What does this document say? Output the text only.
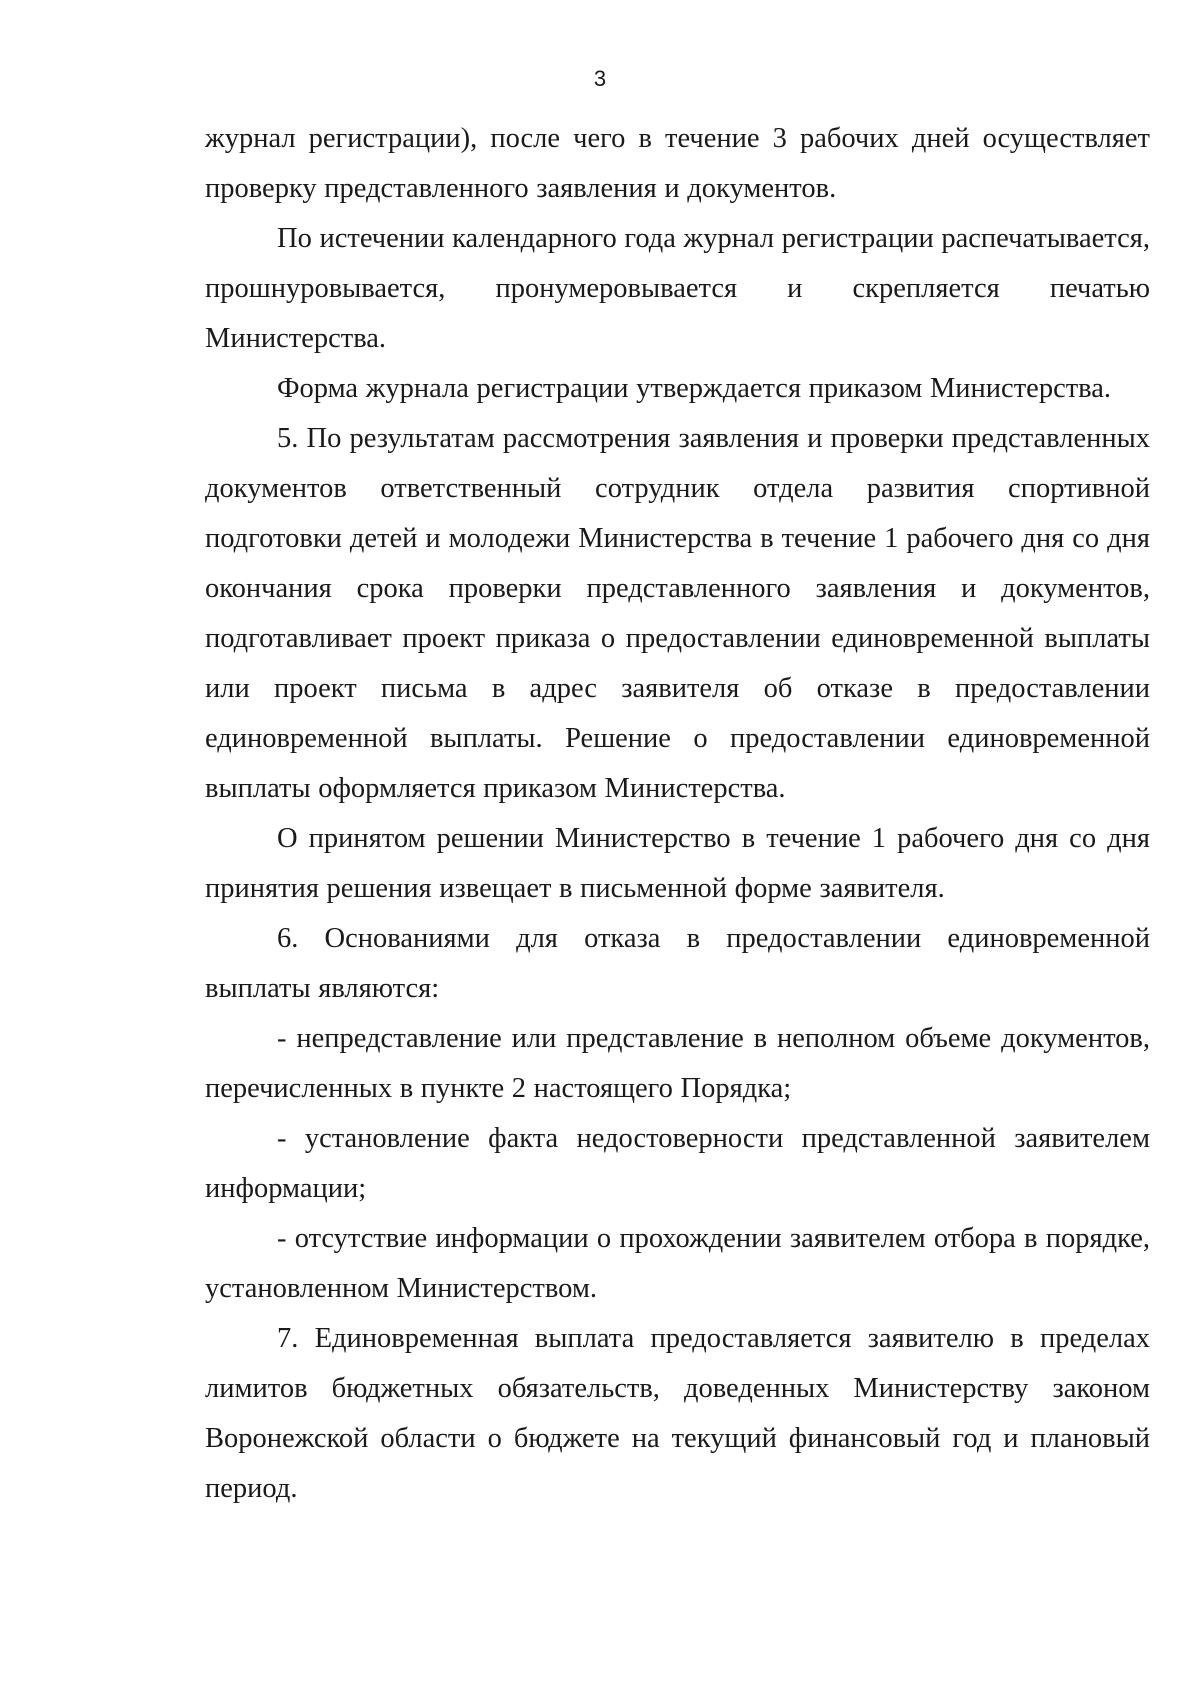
3

журнал регистрации), после чего в течение 3 рабочих дней осуществляет проверку представленного заявления и документов.

По истечении календарного года журнал регистрации распечатывается, прошнуровывается, пронумеровывается и скрепляется печатью Министерства.

Форма журнала регистрации утверждается приказом Министерства.

5. По результатам рассмотрения заявления и проверки представленных документов ответственный сотрудник отдела развития спортивной подготовки детей и молодежи Министерства в течение 1 рабочего дня со дня окончания срока проверки представленного заявления и документов, подготавливает проект приказа о предоставлении единовременной выплаты или проект письма в адрес заявителя об отказе в предоставлении единовременной выплаты. Решение о предоставлении единовременной выплаты оформляется приказом Министерства.

О принятом решении Министерство в течение 1 рабочего дня со дня принятия решения извещает в письменной форме заявителя.

6. Основаниями для отказа в предоставлении единовременной выплаты являются:

- непредставление или представление в неполном объеме документов, перечисленных в пункте 2 настоящего Порядка;

- установление факта недостоверности представленной заявителем информации;

- отсутствие информации о прохождении заявителем отбора в порядке, установленном Министерством.

7. Единовременная выплата предоставляется заявителю в пределах лимитов бюджетных обязательств, доведенных Министерству законом Воронежской области о бюджете на текущий финансовый год и плановый период.
